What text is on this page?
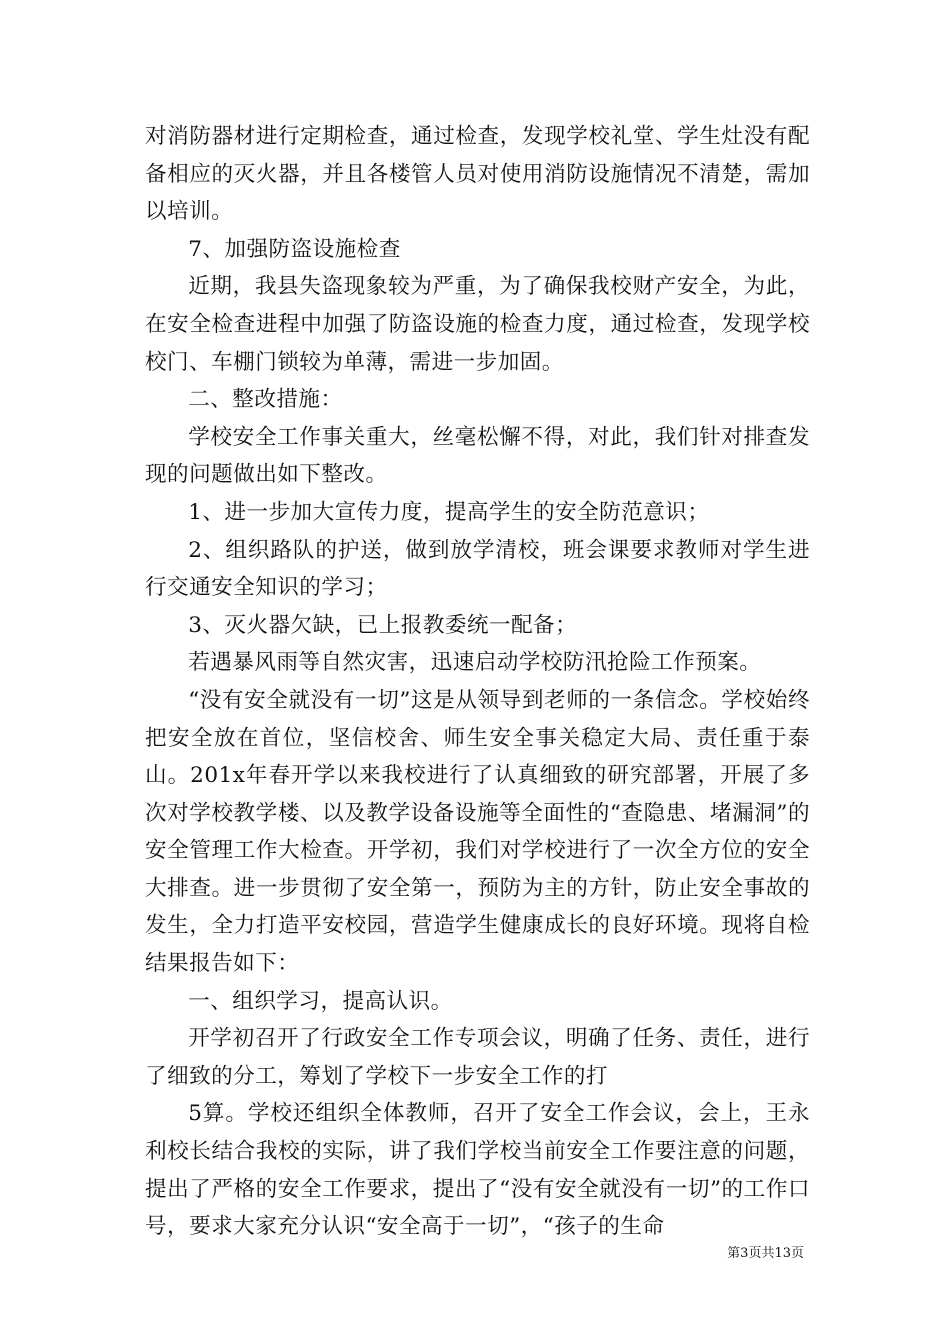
对消防器材进行定期检查，通过检查，发现学校礼堂、学生灶没有配备相应的灭火器，并且各楼管人员对使用消防设施情况不清楚，需加以培训。

7、加强防盗设施检查

近期，我县失盗现象较为严重，为了确保我校财产安全，为此，在安全检查进程中加强了防盗设施的检查力度，通过检查，发现学校校门、车棚门锁较为单薄，需进一步加固。

二、整改措施：

学校安全工作事关重大，丝毫松懈不得，对此，我们针对排查发现的问题做出如下整改。

1、进一步加大宣传力度，提高学生的安全防范意识；

2、组织路队的护送，做到放学清校，班会课要求教师对学生进行交通安全知识的学习；

3、灭火器欠缺，已上报教委统一配备；

若遇暴风雨等自然灾害，迅速启动学校防汛抢险工作预案。

“没有安全就没有一切”这是从领导到老师的一条信念。学校始终把安全放在首位，坚信校舍、师生安全事关稳定大局、责任重于泰山。201x年春开学以来我校进行了认真细致的研究部署，开展了多次对学校教学楼、以及教学设备设施等全面性的“查隐患、堵漏洞”的安全管理工作大检查。开学初，我们对学校进行了一次全方位的安全大排查。进一步贯彻了安全第一，预防为主的方针，防止安全事故的发生，全力打造平安校园，营造学生健康成长的良好环境。现将自检结果报告如下：

一、组织学习，提高认识。

开学初召开了行政安全工作专项会议，明确了任务、责任，进行了细致的分工，筹划了学校下一步安全工作的打

5算。学校还组织全体教师，召开了安全工作会议，会上，王永利校长结合我校的实际，讲了我们学校当前安全工作要注意的问题，提出了严格的安全工作要求，提出了“没有安全就没有一切”的工作口号，要求大家充分认识“安全高于一切”，“孩子的生命

第3页共13页
